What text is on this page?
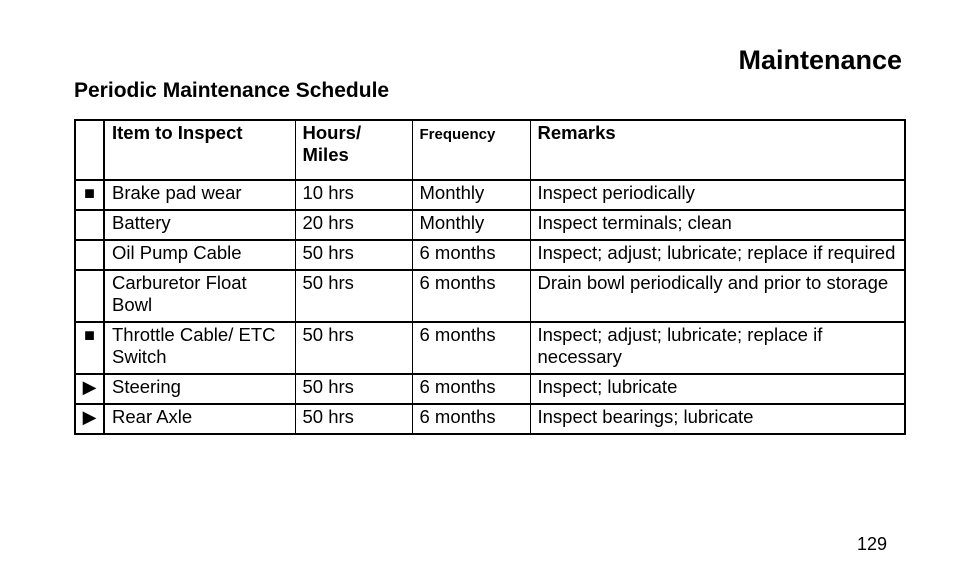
Maintenance
Periodic Maintenance Schedule
	Item to Inspect	Hours/ Miles	Frequency	Remarks
■	Brake pad wear	10 hrs	Monthly	Inspect periodically
	Battery	20 hrs	Monthly	Inspect terminals; clean
	Oil Pump Cable	50 hrs	6 months	Inspect; adjust; lubricate; replace if required
	Carburetor Float Bowl	50 hrs	6 months	Drain bowl periodically and prior to storage
■	Throttle Cable/ ETC Switch	50 hrs	6 months	Inspect; adjust; lubricate; replace if necessary
▶	Steering	50 hrs	6 months	Inspect; lubricate
▶	Rear Axle	50 hrs	6 months	Inspect bearings; lubricate

129
